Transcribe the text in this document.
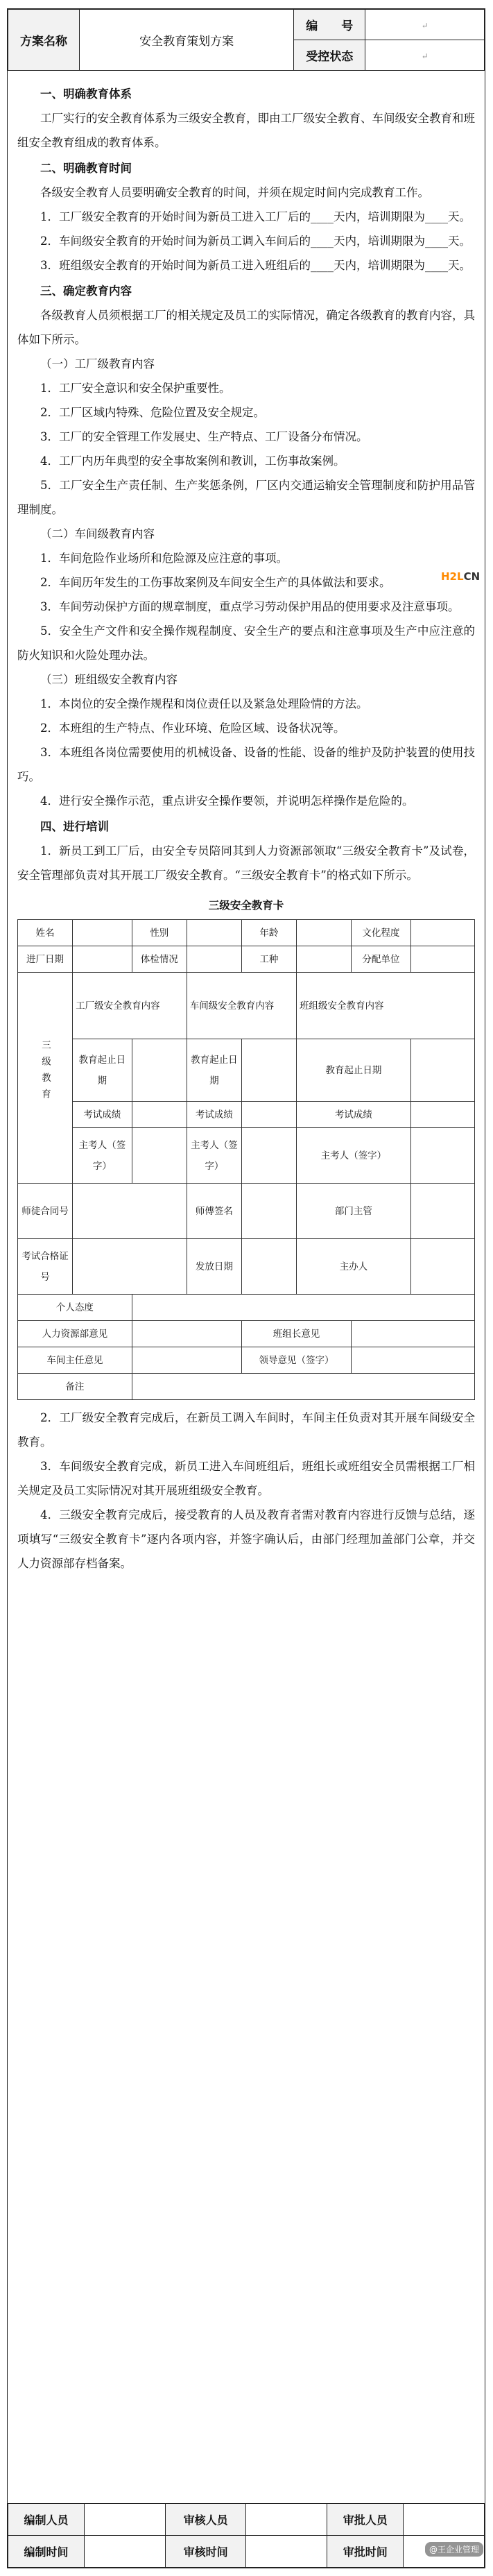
方案名称	安全教育策划方案	编　　号	↵
		受控状态	↵
一、明确教育体系
工厂实行的安全教育体系为三级安全教育，即由工厂级安全教育、车间级安全教育和班组安全教育组成的教育体系。
二、明确教育时间
各级安全教育人员要明确安全教育的时间，并须在规定时间内完成教育工作。
1．工厂级安全教育的开始时间为新员工进入工厂后的____天内，培训期限为____天。
2．车间级安全教育的开始时间为新员工调入车间后的____天内，培训期限为____天。
3．班组级安全教育的开始时间为新员工进入班组后的____天内，培训期限为____天。
三、确定教育内容
各级教育人员须根据工厂的相关规定及员工的实际情况，确定各级教育的教育内容，具体如下所示。
（一）工厂级教育内容
1．工厂安全意识和安全保护重要性。
2．工厂区域内特殊、危险位置及安全规定。
3．工厂的安全管理工作发展史、生产特点、工厂设备分布情况。
4．工厂内历年典型的安全事故案例和教训，工伤事故案例。
5．工厂安全生产责任制、生产奖惩条例，厂区内交通运输安全管理制度和防护用品管理制度。
（二）车间级教育内容
1．车间危险作业场所和危险源及应注意的事项。
2．车间历年发生的工伤事故案例及车间安全生产的具体做法和要求。
3．车间劳动保护方面的规章制度，重点学习劳动保护用品的使用要求及注意事项。
5．安全生产文件和安全操作规程制度、安全生产的要点和注意事项及生产中应注意的防火知识和火险处理办法。
（三）班组级安全教育内容
1．本岗位的安全操作规程和岗位责任以及紧急处理险情的方法。
2．本班组的生产特点、作业环境、危险区域、设备状况等。
3．本班组各岗位需要使用的机械设备、设备的性能、设备的维护及防护装置的使用技巧。
4．进行安全操作示范，重点讲安全操作要领，并说明怎样操作是危险的。
四、进行培训
1．新员工到工厂后，由安全专员陪同其到人力资源部领取“三级安全教育卡”及试卷，安全管理部负责对其开展工厂级安全教育。“三级安全教育卡”的格式如下所示。
三级安全教育卡
姓名		性别		年龄		文化程度	
进厂日期		体检情况		工种		分配单位	
三级教育	工厂级安全教育内容		车间级安全教育内容		班组级安全教育内容		
	教育起止日期		教育起止日期		教育起止日期		
	考试成绩		考试成绩		考试成绩		
	主考人（签字）		主考人（签字）		主考人（签字）		
师徒合同号			师傅签名		部门主管		
考试合格证号			发放日期		主办人		
个人态度							
人力资源部意见				班组长意见			
车间主任意见				领导意见（签字）			
备注							
2．工厂级安全教育完成后，在新员工调入车间时，车间主任负责对其开展车间级安全教育。
3．车间级安全教育完成，新员工进入车间班组后，班组长或班组安全员需根据工厂相关规定及员工实际情况对其开展班组级安全教育。
4．三级安全教育完成后，接受教育的人员及教育者需对教育内容进行反馈与总结，逐项填写“三级安全教育卡”逐内各项内容，并签字确认后，由部门经理加盖部门公章，并交人力资源部存档备案。
编制人员		审核人员		审批人员	
编制时间		审核时间		审批时间	
H2LCN
@王企业管理
